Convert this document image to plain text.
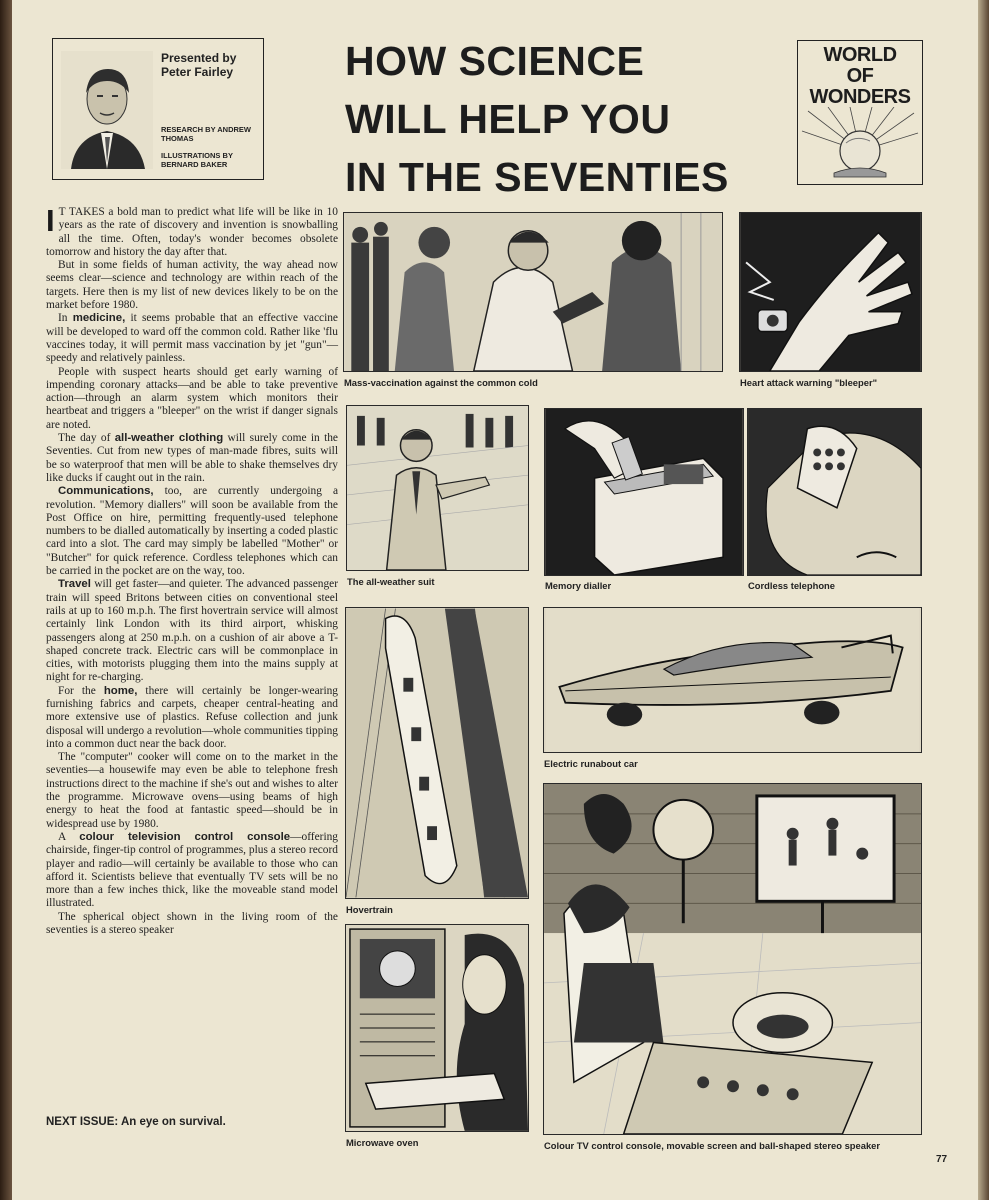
Presented by Peter Fairley
RESEARCH BY ANDREW THOMAS
ILLUSTRATIONS BY BERNARD BAKER
HOW SCIENCE
WILL HELP YOU
IN THE SEVENTIES
WORLD
OF
WONDERS

I T TAKES a bold man to predict what life will be like in 10 years as the rate of discovery and invention is snowballing all the time. Often, today's wonder becomes obsolete tomorrow and history the day after that.

But in some fields of human activity, the way ahead now seems clear—science and technology are within reach of the targets. Here then is my list of new devices likely to be on the market before 1980.

In medicine, it seems probable that an effective vaccine will be developed to ward off the common cold. Rather like 'flu vaccines today, it will permit mass vaccination by jet "gun"—speedy and relatively painless.

People with suspect hearts should get early warning of impending coronary attacks—and be able to take preventive action—through an alarm system which monitors their heartbeat and triggers a "bleeper" on the wrist if danger signals are noted.

The day of all-weather clothing will surely come in the Seventies. Cut from new types of man-made fibres, suits will be so waterproof that men will be able to shake themselves dry like ducks if caught out in the rain.

Communications, too, are currently undergoing a revolution. "Memory diallers" will soon be available from the Post Office on hire, permitting frequently-used telephone numbers to be dialled automatically by inserting a coded plastic card into a slot. The card may simply be labelled "Mother" or "Butcher" for quick reference. Cordless telephones which can be carried in the pocket are on the way, too.

Travel will get faster—and quieter. The advanced passenger train will speed Britons between cities on conventional steel rails at up to 160 m.p.h. The first hovertrain service will almost certainly link London with its third airport, whisking passengers along at 250 m.p.h. on a cushion of air above a T-shaped concrete track. Electric cars will be commonplace in cities, with motorists plugging them into the mains supply at night for re-charging.

For the home, there will certainly be longer-wearing furnishing fabrics and carpets, cheaper central-heating and more extensive use of plastics. Refuse collection and junk disposal will undergo a revolution—whole communities tipping into a common duct near the back door.

The "computer" cooker will come on to the market in the seventies—a housewife may even be able to telephone fresh instructions direct to the machine if she's out and wishes to alter the programme. Microwave ovens—using beams of high energy to heat the food at fantastic speed—should be in widespread use by 1980.

A colour television control console—offering chairside, finger-tip control of programmes, plus a stereo record player and radio—will certainly be available to those who can afford it. Scientists believe that eventually TV sets will be no more than a few inches thick, like the moveable stand model illustrated.

The spherical object shown in the living room of the seventies is a stereo speaker

NEXT ISSUE: An eye on survival.
Mass-vaccination against the common cold	Heart attack warning "bleeper"
The all-weather suit	Memory dialler	Cordless telephone
Hovertrain
Electric runabout car
Microwave oven	Colour TV control console, movable screen and ball-shaped stereo speaker
77
